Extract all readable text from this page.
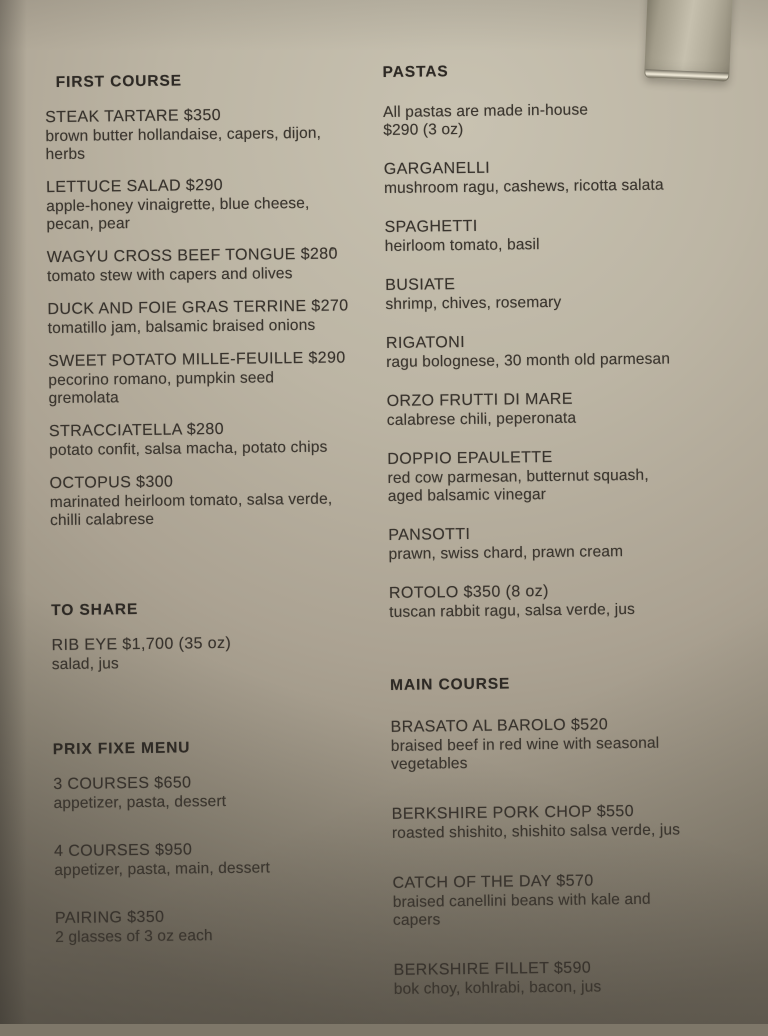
FIRST COURSE
STEAK TARTARE $350
brown butter hollandaise, capers, dijon,
herbs
LETTUCE SALAD $290
apple-honey vinaigrette, blue cheese,
pecan, pear
WAGYU CROSS BEEF TONGUE $280
tomato stew with capers and olives
DUCK AND FOIE GRAS TERRINE $270
tomatillo jam, balsamic braised onions
SWEET POTATO MILLE-FEUILLE $290
pecorino romano, pumpkin seed
gremolata
STRACCIATELLA $280
potato confit, salsa macha, potato chips
OCTOPUS $300
marinated heirloom tomato, salsa verde,
chilli calabrese
TO SHARE
RIB EYE $1,700 (35 oz)
salad, jus
PRIX FIXE MENU
3 COURSES $650
appetizer, pasta, dessert
4 COURSES $950
appetizer, pasta, main, dessert
PAIRING $350
2 glasses of 3 oz each
PASTAS
All pastas are made in-house
$290 (3 oz)
GARGANELLI
mushroom ragu, cashews, ricotta salata
SPAGHETTI
heirloom tomato, basil
BUSIATE
shrimp, chives, rosemary
RIGATONI
ragu bolognese, 30 month old parmesan
ORZO FRUTTI DI MARE
calabrese chili, peperonata
DOPPIO EPAULETTE
red cow parmesan, butternut squash,
aged balsamic vinegar
PANSOTTI
prawn, swiss chard, prawn cream
ROTOLO $350 (8 oz)
tuscan rabbit ragu, salsa verde, jus
MAIN COURSE
BRASATO AL BAROLO $520
braised beef in red wine with seasonal
vegetables
BERKSHIRE PORK CHOP $550
roasted shishito, shishito salsa verde, jus
CATCH OF THE DAY $570
braised canellini beans with kale and
capers
BERKSHIRE FILLET $590
bok choy, kohlrabi, bacon, jus
